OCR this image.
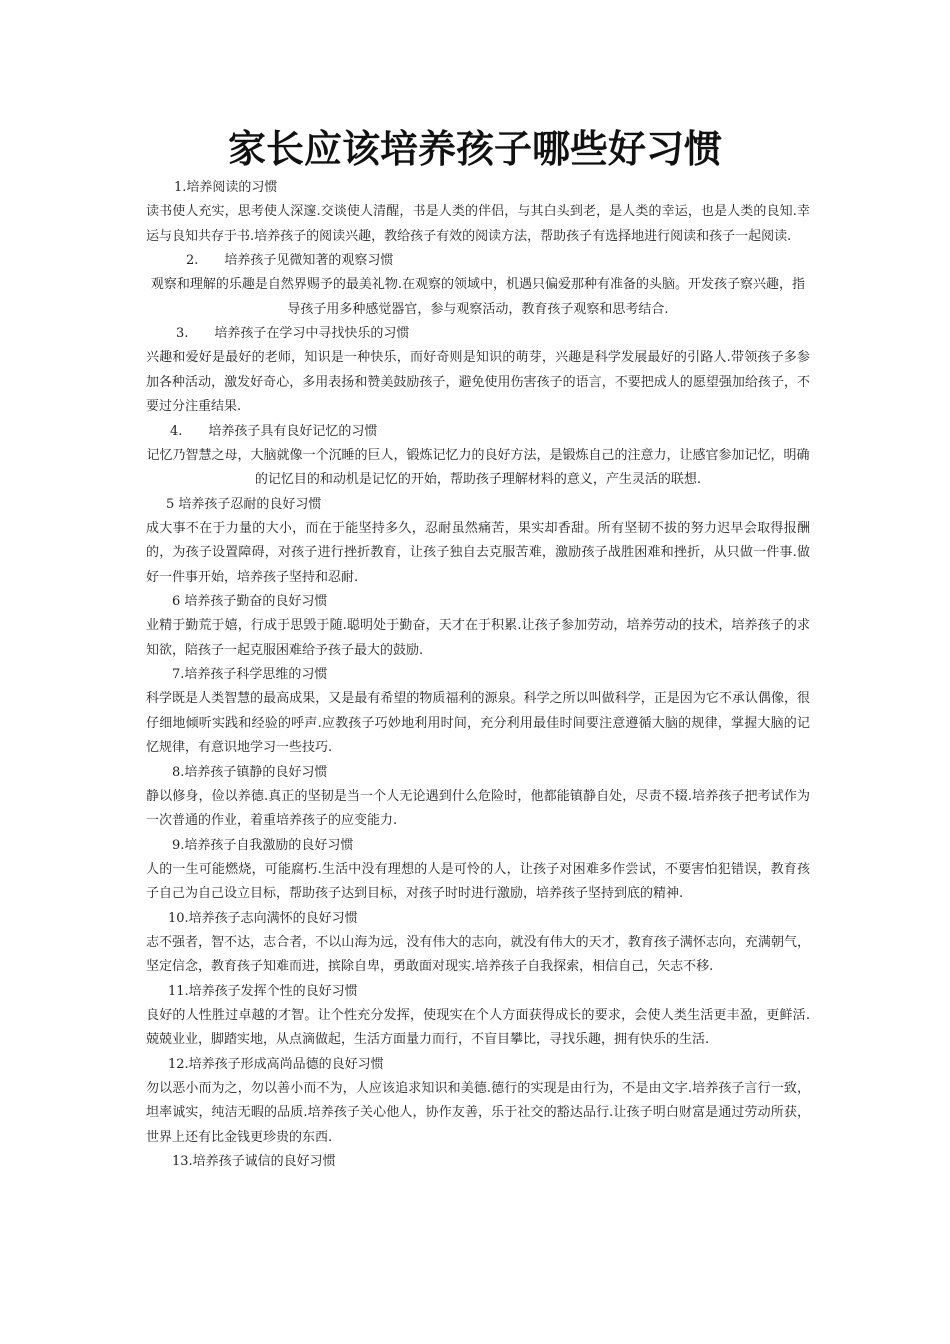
家长应该培养孩子哪些好习惯

1.培养阅读的习惯

读书使人充实，思考使人深邃.交谈使人清醒，书是人类的伴侣，与其白头到老，是人类的幸运，也是人类的良知.幸运与良知共存于书.培养孩子的阅读兴趣，教给孩子有效的阅读方法，帮助孩子有选择地进行阅读和孩子一起阅读.

2. 培养孩子见微知著的观察习惯

观察和理解的乐趣是自然界赐予的最美礼物.在观察的领域中，机遇只偏爱那种有准备的头脑。开发孩子察兴趣，指导孩子用多种感觉器官，参与观察活动，教育孩子观察和思考结合.

3. 培养孩子在学习中寻找快乐的习惯

兴趣和爱好是最好的老师，知识是一种快乐，而好奇则是知识的萌芽，兴趣是科学发展最好的引路人.带领孩子多参加各种活动，激发好奇心，多用表扬和赞美鼓励孩子，避免使用伤害孩子的语言，不要把成人的愿望强加给孩子，不要过分注重结果.

4. 培养孩子具有良好记忆的习惯

记忆乃智慧之母，大脑就像一个沉睡的巨人，锻炼记忆力的良好方法，是锻炼自己的注意力，让感官参加记忆，明确的记忆目的和动机是记忆的开始，帮助孩子理解材料的意义，产生灵活的联想.

5 培养孩子忍耐的良好习惯

成大事不在于力量的大小，而在于能坚持多久，忍耐虽然痛苦，果实却香甜。所有坚韧不拔的努力迟早会取得报酬的，为孩子设置障碍，对孩子进行挫折教育，让孩子独自去克服苦难，激励孩子战胜困难和挫折，从只做一件事.做好一件事开始，培养孩子坚持和忍耐.

6 培养孩子勤奋的良好习惯

业精于勤荒于嬉，行成于思毁于随.聪明处于勤奋，天才在于积累.让孩子参加劳动，培养劳动的技术，培养孩子的求知欲，陪孩子一起克服困难给予孩子最大的鼓励.

7.培养孩子科学思维的习惯

科学既是人类智慧的最高成果，又是最有希望的物质福利的源泉。科学之所以叫做科学，正是因为它不承认偶像，很仔细地倾听实践和经验的呼声.应教孩子巧妙地利用时间，充分利用最佳时间要注意遵循大脑的规律，掌握大脑的记忆规律，有意识地学习一些技巧.

8.培养孩子镇静的良好习惯

静以修身，俭以养德.真正的坚韧是当一个人无论遇到什么危险时，他都能镇静自处，尽责不辍.培养孩子把考试作为一次普通的作业，着重培养孩子的应变能力.

9.培养孩子自我激励的良好习惯

人的一生可能燃烧，可能腐朽.生活中没有理想的人是可怜的人，让孩子对困难多作尝试，不要害怕犯错误，教育孩子自己为自己设立目标，帮助孩子达到目标，对孩子时时进行激励，培养孩子坚持到底的精神.

10.培养孩子志向满怀的良好习惯

志不强者，智不达，志合者，不以山海为远，没有伟大的志向，就没有伟大的天才，教育孩子满怀志向，充满朝气，坚定信念，教育孩子知难而进，摈除自卑，勇敢面对现实.培养孩子自我探索，相信自己，矢志不移.

11.培养孩子发挥个性的良好习惯

良好的人性胜过卓越的才智。让个性充分发挥，使现实在个人方面获得成长的要求，会使人类生活更丰盈，更鲜活.兢兢业业，脚踏实地，从点滴做起，生活方面量力而行，不盲目攀比，寻找乐趣，拥有快乐的生活.

12.培养孩子形成高尚品德的良好习惯

勿以恶小而为之，勿以善小而不为，人应该追求知识和美德.德行的实现是由行为，不是由文字.培养孩子言行一致，坦率诚实，纯洁无暇的品质.培养孩子关心他人，协作友善，乐于社交的豁达品行.让孩子明白财富是通过劳动所获，世界上还有比金钱更珍贵的东西.

13.培养孩子诚信的良好习惯
